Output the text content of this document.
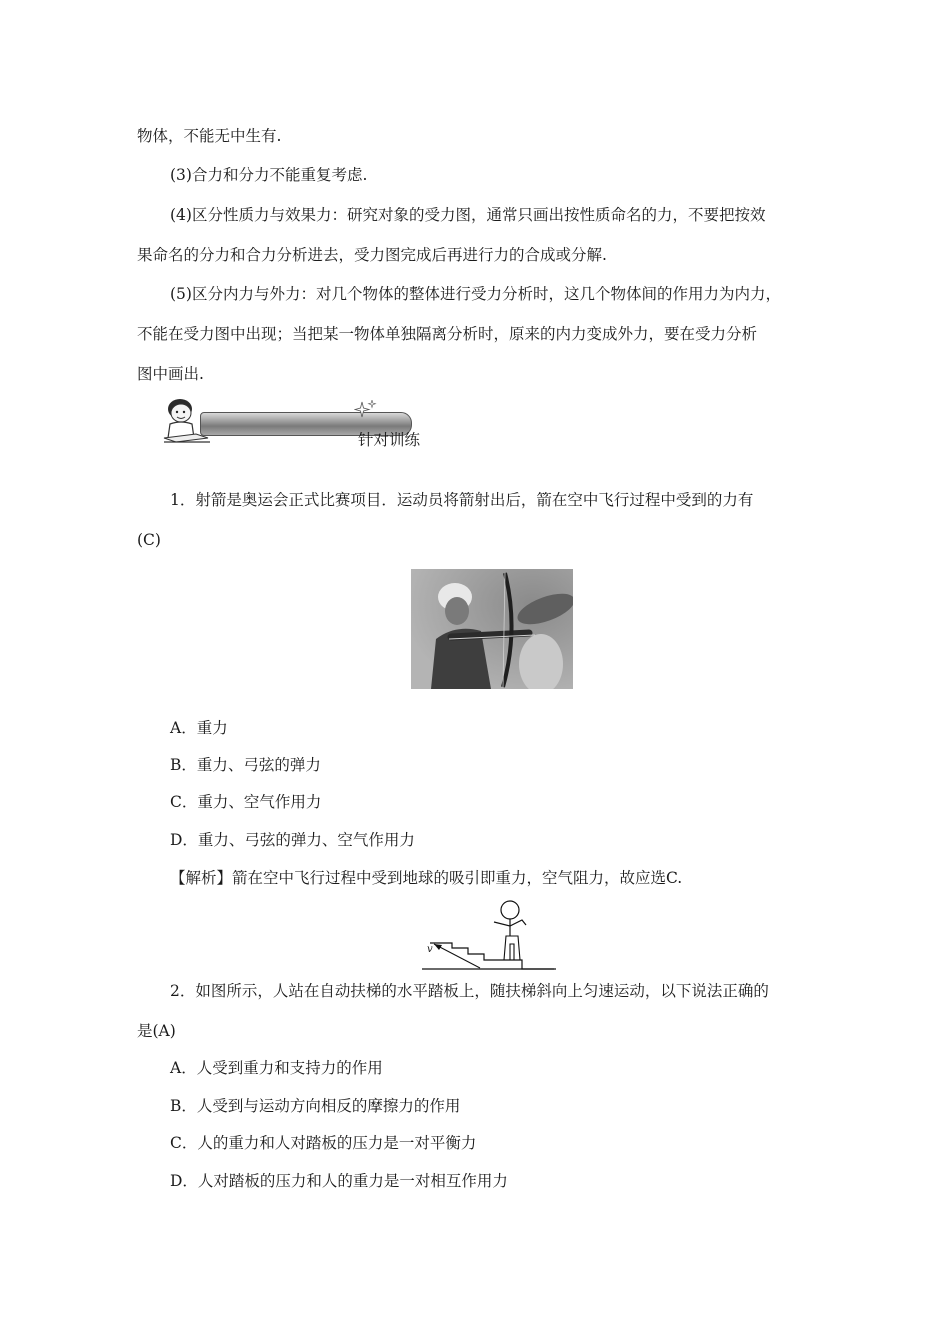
物体，不能无中生有.
(3)合力和分力不能重复考虑.
(4)区分性质力与效果力：研究对象的受力图，通常只画出按性质命名的力，不要把按效
果命名的分力和合力分析进去，受力图完成后再进行力的合成或分解.
(5)区分内力与外力：对几个物体的整体进行受力分析时，这几个物体间的作用力为内力，
不能在受力图中出现；当把某一物体单独隔离分析时，原来的内力变成外力，要在受力分析
图中画出.
针对训练
1．射箭是奥运会正式比赛项目．运动员将箭射出后，箭在空中飞行过程中受到的力有
(C)
A．重力
B．重力、弓弦的弹力
C．重力、空气作用力
D．重力、弓弦的弹力、空气作用力
【解析】箭在空中飞行过程中受到地球的吸引即重力，空气阻力，故应选C.
v
2．如图所示，人站在自动扶梯的水平踏板上，随扶梯斜向上匀速运动，以下说法正确的
是(A)
A．人受到重力和支持力的作用
B．人受到与运动方向相反的摩擦力的作用
C．人的重力和人对踏板的压力是一对平衡力
D．人对踏板的压力和人的重力是一对相互作用力
